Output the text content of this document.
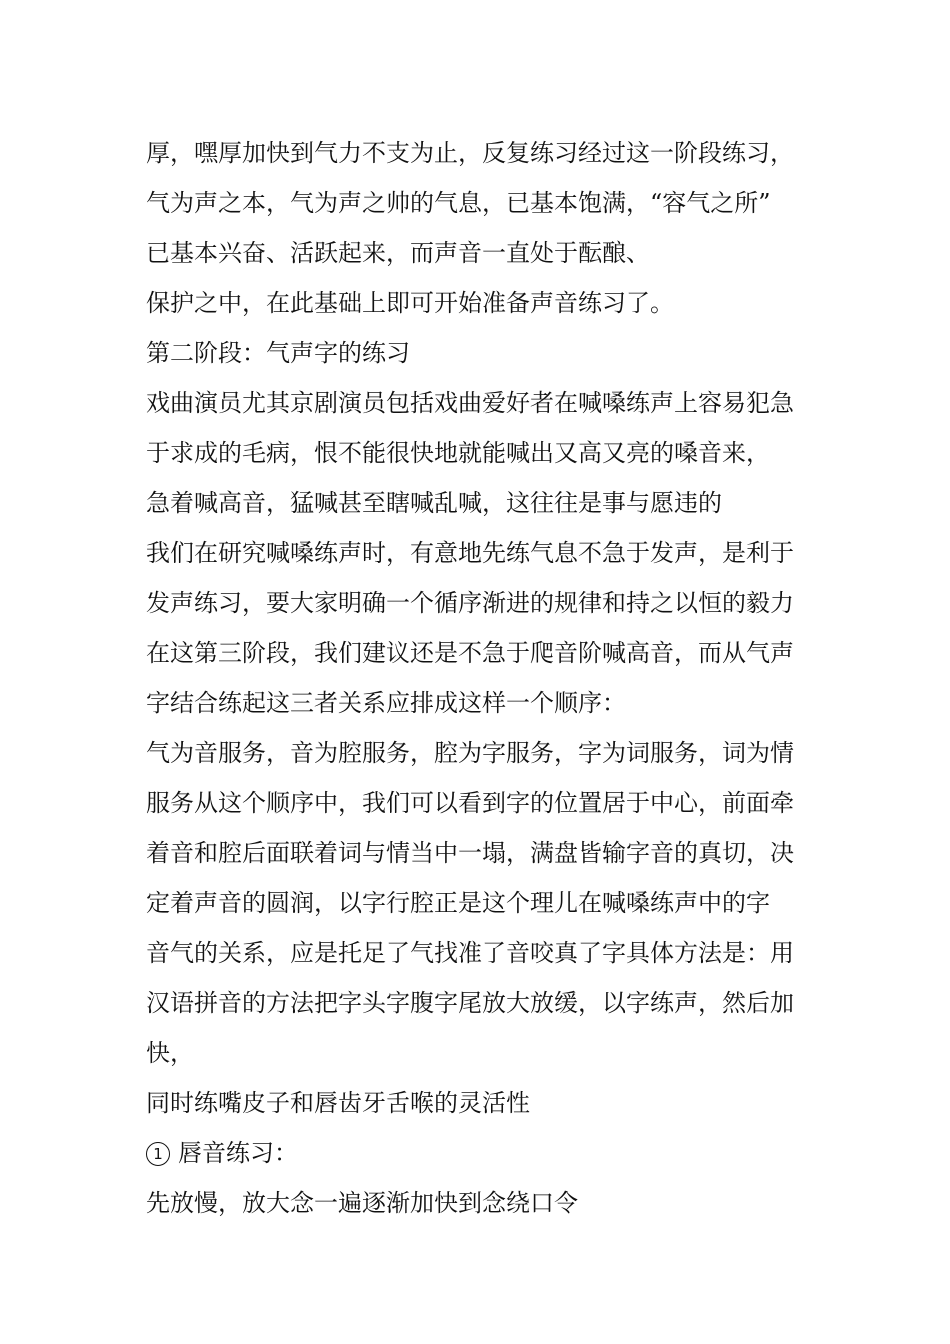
厚，嘿厚加快到气力不支为止，反复练习经过这一阶段练习，
气为声之本，气为声之帅的气息，已基本饱满，“容气之所”
已基本兴奋、活跃起来，而声音一直处于酝酿、
保护之中，在此基础上即可开始准备声音练习了。
第二阶段：气声字的练习
戏曲演员尤其京剧演员包括戏曲爱好者在喊嗓练声上容易犯急
于求成的毛病，恨不能很快地就能喊出又高又亮的嗓音来，
急着喊高音，猛喊甚至瞎喊乱喊，这往往是事与愿违的
我们在研究喊嗓练声时，有意地先练气息不急于发声，是利于
发声练习，要大家明确一个循序渐进的规律和持之以恒的毅力
在这第三阶段，我们建议还是不急于爬音阶喊高音，而从气声
字结合练起这三者关系应排成这样一个顺序：
气为音服务，音为腔服务，腔为字服务，字为词服务，词为情
服务从这个顺序中，我们可以看到字的位置居于中心，前面牵
着音和腔后面联着词与情当中一塌，满盘皆输字音的真切，决
定着声音的圆润，以字行腔正是这个理儿在喊嗓练声中的字
音气的关系，应是托足了气找准了音咬真了字具体方法是：用
汉语拼音的方法把字头字腹字尾放大放缓，以字练声，然后加
快，
同时练嘴皮子和唇齿牙舌喉的灵活性
1 唇音练习：
先放慢，放大念一遍逐渐加快到念绕口令
